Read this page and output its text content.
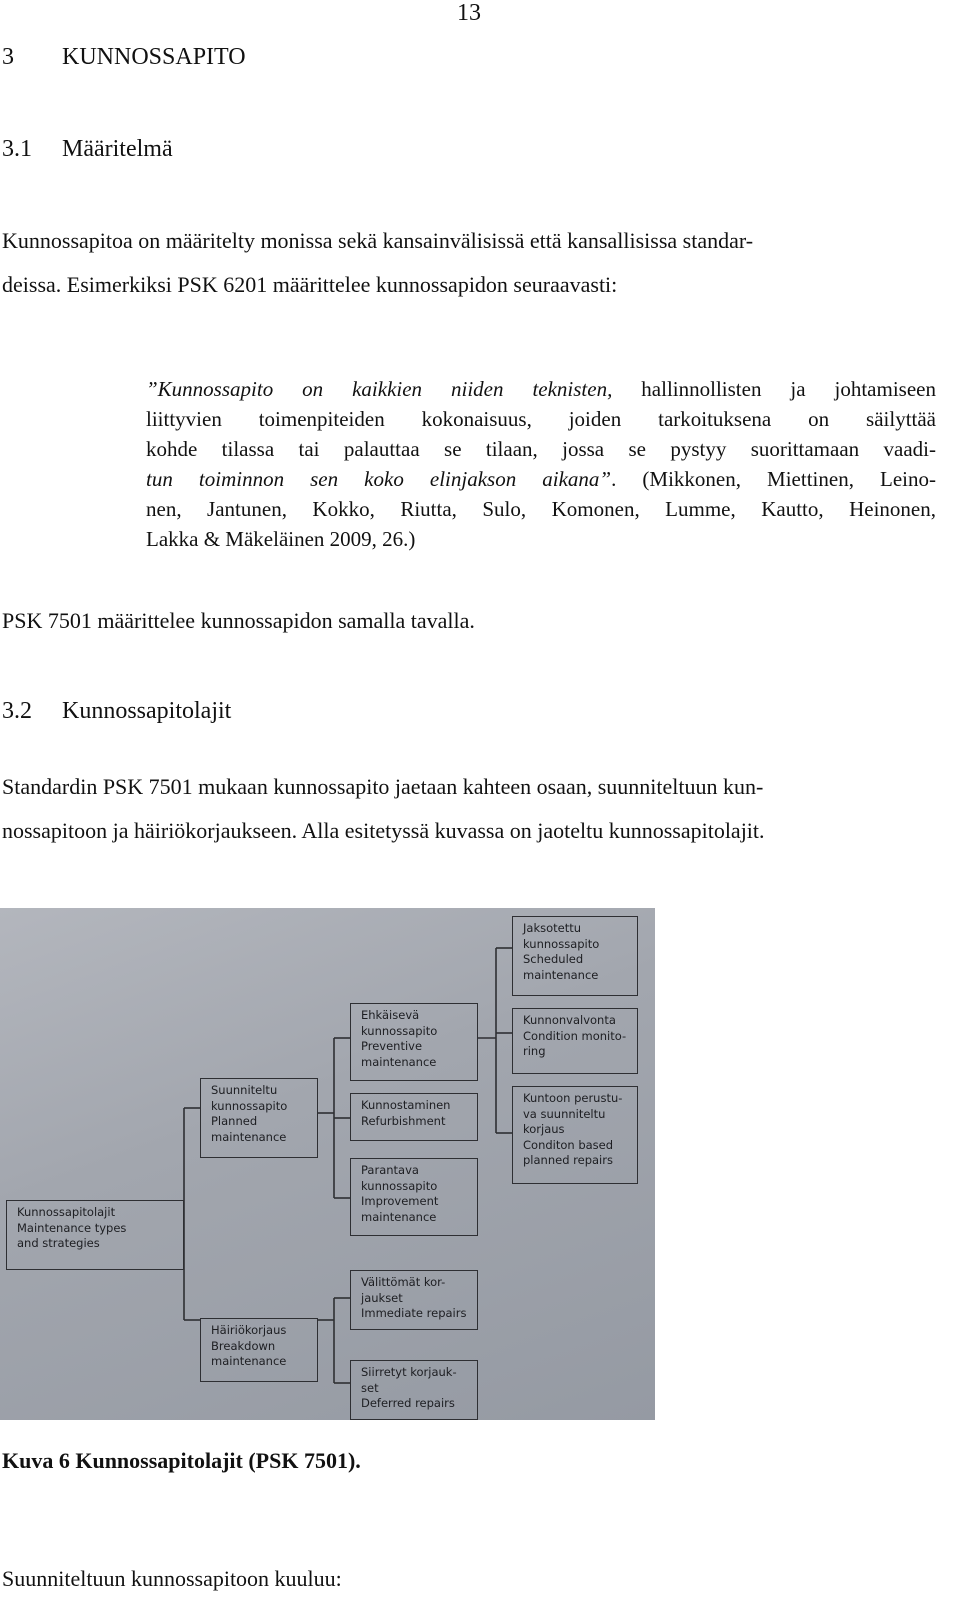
13
3 KUNNOSSAPITO
3.1 Määritelmä
Kunnossapitoa on määritelty monissa sekä kansainvälisissä että kansallisissa standar-
deissa. Esimerkiksi PSK 6201 määrittelee kunnossapidon seuraavasti:

”Kunnossapito on kaikkien niiden teknisten, hallinnollisten ja johtamiseen

liittyvien toimenpiteiden kokonaisuus, joiden tarkoituksena on säilyttää

kohde tilassa tai palauttaa se tilaan, jossa se pystyy suorittamaan vaadi-

tun toiminnon sen koko elinjakson aikana”. (Mikkonen, Miettinen, Leino-

nen, Jantunen, Kokko, Riutta, Sulo, Komonen, Lumme, Kautto, Heinonen,

Lakka & Mäkeläinen 2009, 26.)

PSK 7501 määrittelee kunnossapidon samalla tavalla.
3.2 Kunnossapitolajit
Standardin PSK 7501 mukaan kunnossapito jaetaan kahteen osaan, suunniteltuun kun-
nossapitoon ja häiriökorjaukseen. Alla esitetyssä kuvassa on jaoteltu kunnossapitolajit.
Kunnossapitolajit
Maintenance types
and strategies
Suunniteltu
kunnossapito
Planned
maintenance
Häiriökorjaus
Breakdown
maintenance
Ehkäisevä
kunnossapito
Preventive
maintenance
Kunnostaminen
Refurbishment
Parantava
kunnossapito
Improvement
maintenance
Välittömät kor-
jaukset
Immediate repairs
Siirretyt korjauk-
set
Deferred repairs
Jaksotettu
kunnossapito
Scheduled
maintenance
Kunnonvalvonta
Condition monito-
ring
Kuntoon perustu-
va suunniteltu
korjaus
Conditon based
planned repairs
Kuva 6 Kunnossapitolajit (PSK 7501).
Suunniteltuun kunnossapitoon kuuluu:
